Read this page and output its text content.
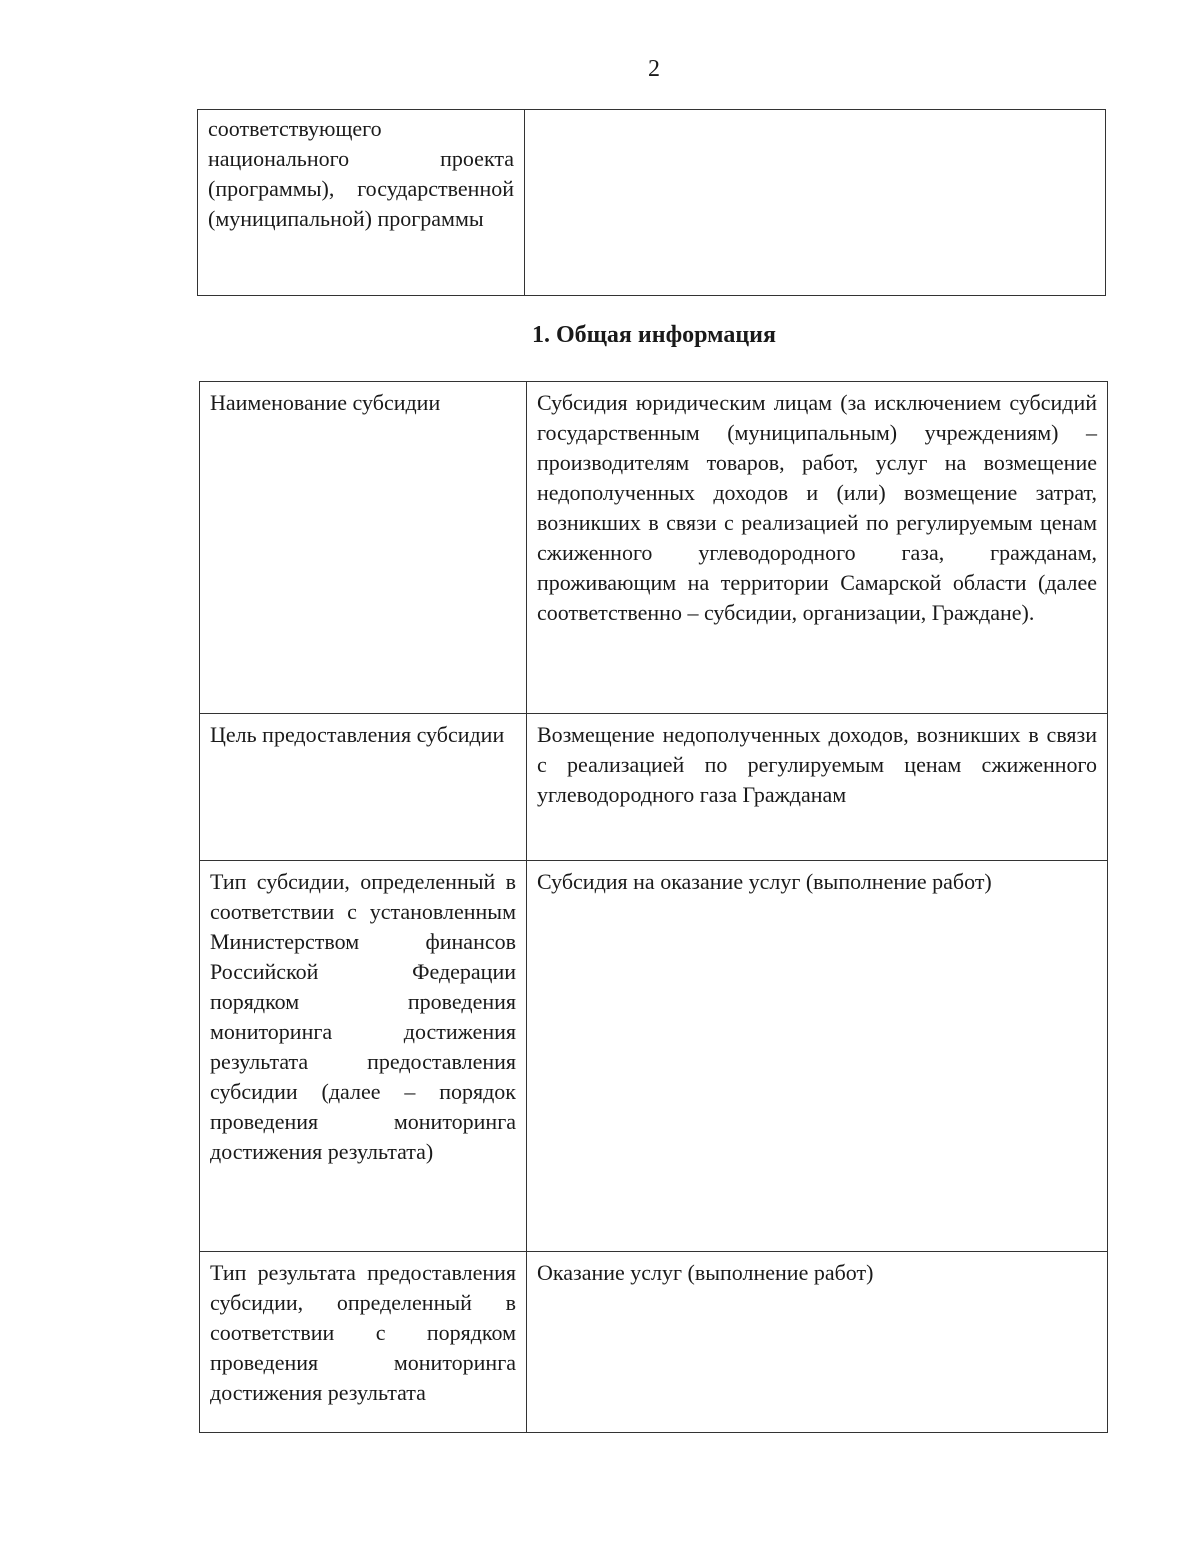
2
соответствующего национального проекта (программы), государственной (муниципальной) программы	
1. Общая информация
Наименование субсидии	Субсидия юридическим лицам (за исключением субсидий государственным (муниципальным) учреждениям) – производителям товаров, работ, услуг на возмещение недополученных доходов и (или) возмещение затрат, возникших в связи с реализацией по регулируемым ценам сжиженного углеводородного газа, гражданам, проживающим на территории Самарской области (далее соответственно – субсидии, организации, Граждане).
Цель предоставления субсидии	Возмещение недополученных доходов, возникших в связи с реализацией по регулируемым ценам сжиженного углеводородного газа Гражданам
Тип субсидии, определенный в соответствии с установленным Министерством финансов Российской Федерации порядком проведения мониторинга достижения результата предоставления субсидии (далее – порядок проведения мониторинга достижения результата)	Субсидия на оказание услуг (выполнение работ)
Тип результата предоставления субсидии, определенный в соответствии с порядком проведения мониторинга достижения результата	Оказание услуг (выполнение работ)
